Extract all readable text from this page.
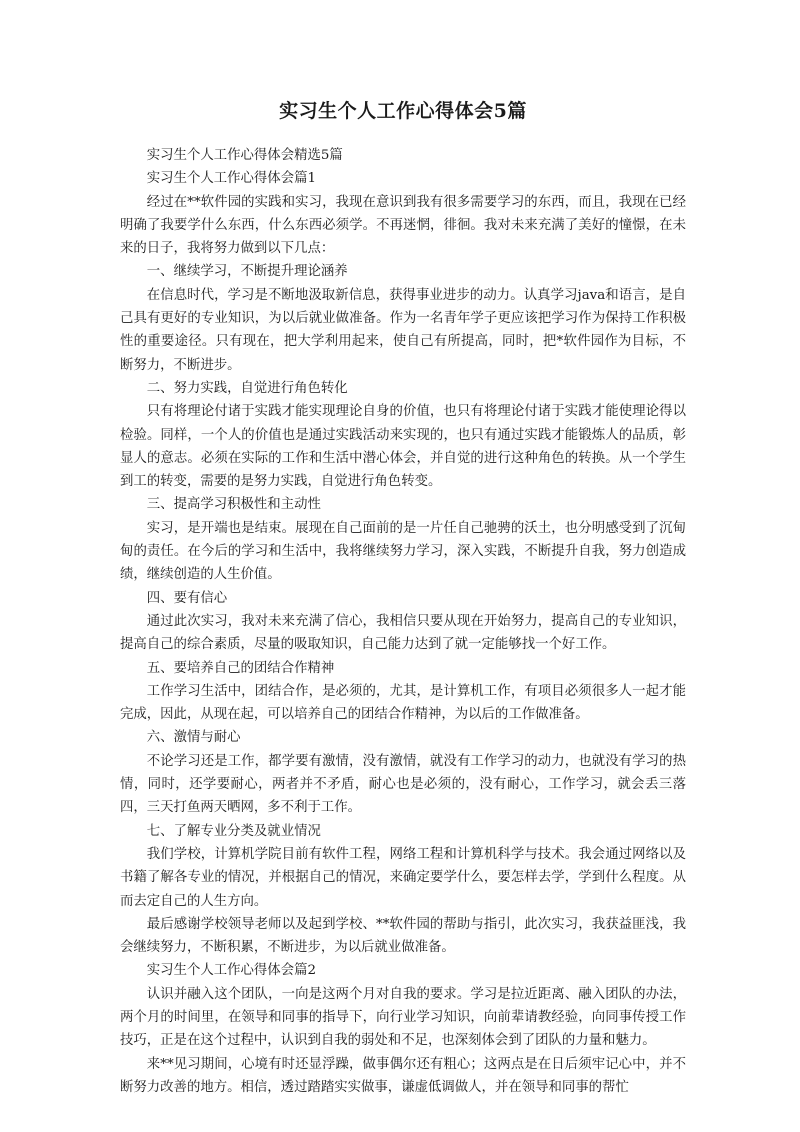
实习生个人工作心得体会5篇

实习生个人工作心得体会精选5篇

实习生个人工作心得体会篇1

经过在**软件园的实践和实习，我现在意识到我有很多需要学习的东西，而且，我现在已经明确了我要学什么东西，什么东西必须学。不再迷惘，徘徊。我对未来充满了美好的憧憬，在未来的日子，我将努力做到以下几点：

一、继续学习，不断提升理论涵养

在信息时代，学习是不断地汲取新信息，获得事业进步的动力。认真学习java和语言，是自己具有更好的专业知识，为以后就业做准备。作为一名青年学子更应该把学习作为保持工作积极性的重要途径。只有现在，把大学利用起来，使自己有所提高，同时，把*软件园作为目标，不断努力，不断进步。

二、努力实践，自觉进行角色转化

只有将理论付诸于实践才能实现理论自身的价值，也只有将理论付诸于实践才能使理论得以检验。同样，一个人的价值也是通过实践活动来实现的，也只有通过实践才能锻炼人的品质，彰显人的意志。必须在实际的工作和生活中潜心体会，并自觉的进行这种角色的转换。从一个学生到工的转变，需要的是努力实践，自觉进行角色转变。

三、提高学习积极性和主动性

实习，是开端也是结束。展现在自己面前的是一片任自己驰骋的沃土，也分明感受到了沉甸甸的责任。在今后的学习和生活中，我将继续努力学习，深入实践，不断提升自我，努力创造成绩，继续创造的人生价值。

四、要有信心

通过此次实习，我对未来充满了信心，我相信只要从现在开始努力，提高自己的专业知识，提高自己的综合素质，尽量的吸取知识，自己能力达到了就一定能够找一个好工作。

五、要培养自己的团结合作精神

工作学习生活中，团结合作，是必须的，尤其，是计算机工作，有项目必须很多人一起才能完成，因此，从现在起，可以培养自己的团结合作精神，为以后的工作做准备。

六、激情与耐心

不论学习还是工作，都学要有激情，没有激情，就没有工作学习的动力，也就没有学习的热情，同时，还学要耐心，两者并不矛盾，耐心也是必须的，没有耐心，工作学习，就会丢三落四，三天打鱼两天晒网，多不利于工作。

七、了解专业分类及就业情况

我们学校，计算机学院目前有软件工程，网络工程和计算机科学与技术。我会通过网络以及书籍了解各专业的情况，并根据自己的情况，来确定要学什么，要怎样去学，学到什么程度。从而去定自己的人生方向。

最后感谢学校领导老师以及起到学校、**软件园的帮助与指引，此次实习，我获益匪浅，我会继续努力，不断积累，不断进步，为以后就业做准备。

实习生个人工作心得体会篇2

认识并融入这个团队，一向是这两个月对自我的要求。学习是拉近距离、融入团队的办法，两个月的时间里，在领导和同事的指导下，向行业学习知识，向前辈请教经验，向同事传授工作技巧，正是在这个过程中，认识到自我的弱处和不足，也深刻体会到了团队的力量和魅力。

来**见习期间，心境有时还显浮躁，做事偶尔还有粗心；这两点是在日后须牢记心中，并不断努力改善的地方。相信，透过踏踏实实做事，谦虚低调做人，并在领导和同事的帮忙
